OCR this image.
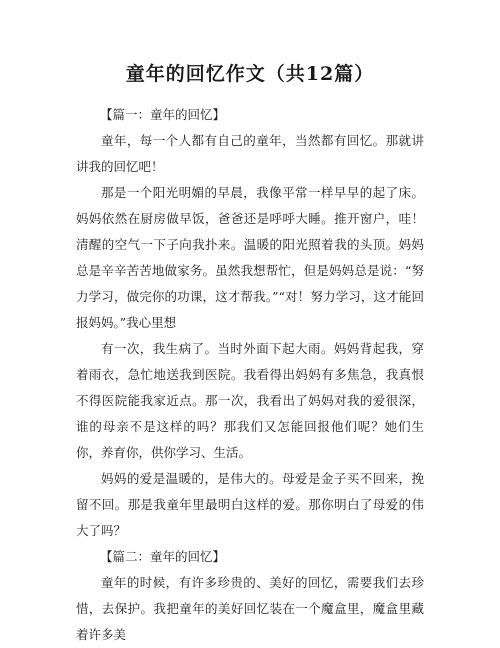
童年的回忆作文（共12篇）

【篇一：童年的回忆】

童年，每一个人都有自己的童年，当然都有回忆。那就讲讲我的回忆吧！

那是一个阳光明媚的早晨，我像平常一样早早的起了床。妈妈依然在厨房做早饭，爸爸还是呼呼大睡。推开窗户，哇！清醒的空气一下子向我扑来。温暖的阳光照着我的头顶。妈妈总是辛辛苦苦地做家务。虽然我想帮忙，但是妈妈总是说：“努力学习，做完你的功课，这才帮我。”“对！努力学习，这才能回报妈妈。”我心里想

有一次，我生病了。当时外面下起大雨。妈妈背起我，穿着雨衣，急忙地送我到医院。我看得出妈妈有多焦急，我真恨不得医院能我家近点。那一次，我看出了妈妈对我的爱很深，谁的母亲不是这样的吗？那我们又怎能回报他们呢？她们生你，养育你，供你学习、生活。

妈妈的爱是温暖的，是伟大的。母爱是金子买不回来，挽留不回。那是我童年里最明白这样的爱。那你明白了母爱的伟大了吗？

【篇二：童年的回忆】

童年的时候，有许多珍贵的、美好的回忆，需要我们去珍惜，去保护。我把童年的美好回忆装在一个魔盒里，魔盒里藏着许多美
